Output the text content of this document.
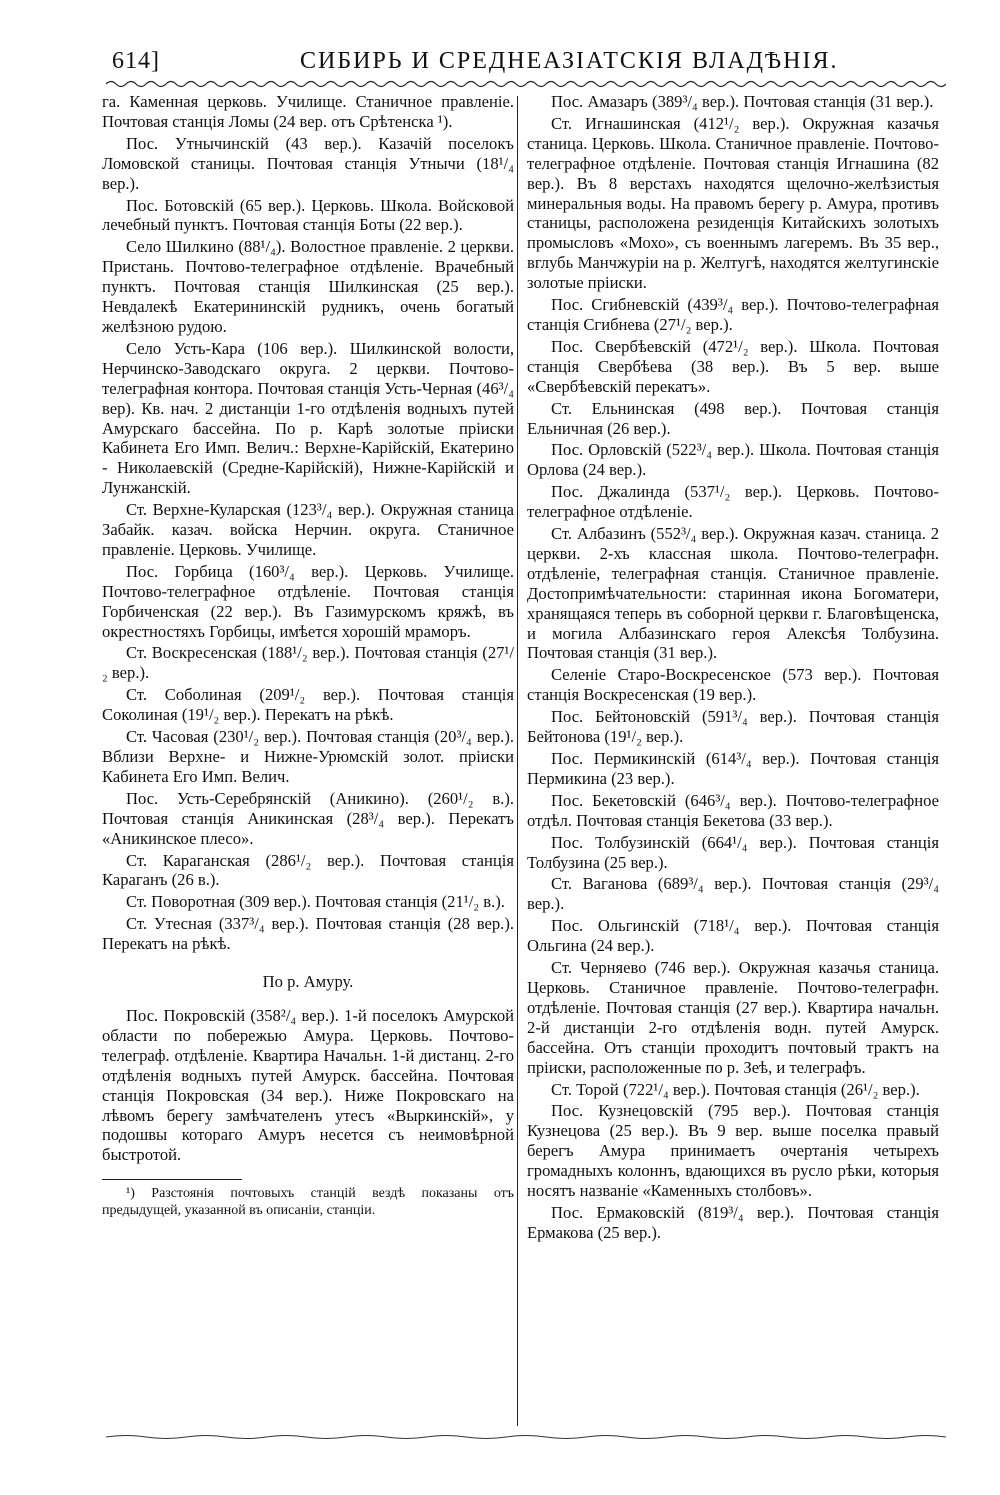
614]	СИБИРЬ И СРЕДНЕАЗIАТСКIЯ ВЛАДѢНIЯ.

га. Каменная церковь. Училище. Станичное правленіе. Почтовая станція Ломы (24 вер. отъ Срѣтенска ¹).

Пос. Утнычинскій (43 вер.). Казачій поселокъ Ломовской станицы. Почтовая станція Утнычи (18¹/₄ вер.).

Пос. Ботовскій (65 вер.). Церковь. Школа. Войсковой лечебный пунктъ. Почтовая станція Боты (22 вер.).

Село Шилкино (88¹/₄). Волостное правленіе. 2 церкви. Пристань. Почтово-телеграфное отдѣленіе. Врачебный пунктъ. Почтовая станція Шилкинская (25 вер.). Невдалекѣ Екатерининскій рудникъ, очень богатый желѣзною рудою.

Село Усть-Кара (106 вер.). Шилкинской волости, Нерчинско-Заводскаго округа. 2 церкви. Почтово-телеграфная контора. Почтовая станція Усть-Черная (46³/₄ вер). Кв. нач. 2 дистанціи 1-го отдѣленія водныхъ путей Амурскаго бассейна. По р. Карѣ золотые пріиски Кабинета Его Имп. Велич.: Верхне-Карійскій, Екатерино - Николаевскій (Средне-Карійскій), Нижне-Карійскій и Лунжанскій.

Ст. Верхне-Куларская (123³/₄ вер.). Окружная станица Забайк. казач. войска Нерчин. округа. Станичное правленіе. Церковь. Училище.

Пос. Горбица (160³/₄ вер.). Церковь. Училище. Почтово-телеграфное отдѣленіе. Почтовая станція Горбиченская (22 вер.). Въ Газимурскомъ кряжѣ, въ окрестностяхъ Горбицы, имѣется хорошій мраморъ.

Ст. Воскресенская (188¹/₂ вер.). Почтовая станція (27¹/₂ вер.).

Ст. Соболиная (209¹/₂ вер.). Почтовая станція Соколиная (19¹/₂ вер.). Перекатъ на рѣкѣ.

Ст. Часовая (230¹/₂ вер.). Почтовая станція (20³/₄ вер.). Вблизи Верхне- и Нижне-Урюмскій золот. пріиски Кабинета Его Имп. Велич.

Пос. Усть-Серебрянскій (Аникино). (260¹/₂ в.). Почтовая станція Аникинская (28³/₄ вер.). Перекатъ «Аникинское плесо».

Ст. Караганская (286¹/₂ вер.). Почтовая станція Караганъ (26 в.).

Ст. Поворотная (309 вер.). Почтовая станція (21¹/₂ в.).

Ст. Утесная (337³/₄ вер.). Почтовая станція (28 вер.). Перекатъ на рѣкѣ.

По р. Амуру.

Пос. Покровскій (358²/₄ вер.). 1-й поселокъ Амурской области по побережью Амура. Церковь. Почтово-телеграф. отдѣленіе. Квартира Начальн. 1-й дистанц. 2-го отдѣленія водныхъ путей Амурск. бассейна. Почтовая станція Покровская (34 вер.). Ниже Покровскаго на лѣвомъ берегу замѣчателенъ утесъ «Выркинскій», у подошвы котораго Амуръ несется съ неимовѣрной быстротой.

¹) Разстоянія почтовыхъ станцій вездѣ показаны отъ предыдущей, указанной въ описаніи, станціи.

Пос. Амазаръ (389³/₄ вер.). Почтовая станція (31 вер.).

Ст. Игнашинская (412¹/₂ вер.). Окружная казачья станица. Церковь. Школа. Станичное правленіе. Почтово-телеграфное отдѣленіе. Почтовая станція Игнашина (82 вер.). Въ 8 верстахъ находятся щелочно-желѣзистыя минеральныя воды. На правомъ берегу р. Амура, противъ станицы, расположена резиденція Китайскихъ золотыхъ промысловъ «Мохо», съ военнымъ лагеремъ. Въ 35 вер., вглубь Манчжуріи на р. Желтугѣ, находятся желтугинскіе золотые пріиски.

Пос. Сгибневскій (439³/₄ вер.). Почтово-телеграфная станція Сгибнева (27¹/₂ вер.).

Пос. Свербѣевскій (472¹/₂ вер.). Школа. Почтовая станція Свербѣева (38 вер.). Въ 5 вер. выше «Свербѣевскій перекатъ».

Ст. Ельнинская (498 вер.). Почтовая станція Ельничная (26 вер.).

Пос. Орловскій (522³/₄ вер.). Школа. Почтовая станція Орлова (24 вер.).

Пос. Джалинда (537¹/₂ вер.). Церковь. Почтово-телеграфное отдѣленіе.

Ст. Албазинъ (552³/₄ вер.). Окружная казач. станица. 2 церкви. 2-хъ классная школа. Почтово-телеграфн. отдѣленіе, телеграфная станція. Станичное правленіе. Достопримѣчательности: старинная икона Богоматери, хранящаяся теперь въ соборной церкви г. Благовѣщенска, и могила Албазинскаго героя Алексѣя Толбузина. Почтовая станція (31 вер.).

Селеніе Старо-Воскресенское (573 вер.). Почтовая станція Воскресенская (19 вер.).

Пос. Бейтоновскій (591³/₄ вер.). Почтовая станція Бейтонова (19¹/₂ вер.).

Пос. Пермикинскій (614³/₄ вер.). Почтовая станція Пермикина (23 вер.).

Пос. Бекетовскій (646³/₄ вер.). Почтово-телеграфное отдѣл. Почтовая станція Бекетова (33 вер.).

Пос. Толбузинскій (664¹/₄ вер.). Почтовая станція Толбузина (25 вер.).

Ст. Ваганова (689³/₄ вер.). Почтовая станція (29³/₄ вер.).

Пос. Ольгинскій (718¹/₄ вер.). Почтовая станція Ольгина (24 вер.).

Ст. Черняево (746 вер.). Окружная казачья станица. Церковь. Станичное правленіе. Почтово-телеграфн. отдѣленіе. Почтовая станція (27 вер.). Квартира начальн. 2-й дистанціи 2-го отдѣленія водн. путей Амурск. бассейна. Отъ станціи проходитъ почтовый трактъ на пріиски, расположенные по р. Зеѣ, и телеграфъ.

Ст. Торой (722¹/₄ вер.). Почтовая станція (26¹/₂ вер.).

Пос. Кузнецовскій (795 вер.). Почтовая станція Кузнецова (25 вер.). Въ 9 вер. выше поселка правый берегъ Амура принимаетъ очертанія четырехъ громадныхъ колоннъ, вдающихся въ русло рѣки, которыя носятъ названіе «Каменныхъ столбовъ».

Пос. Ермаковскій (819³/₄ вер.). Почтовая станція Ермакова (25 вер.).
